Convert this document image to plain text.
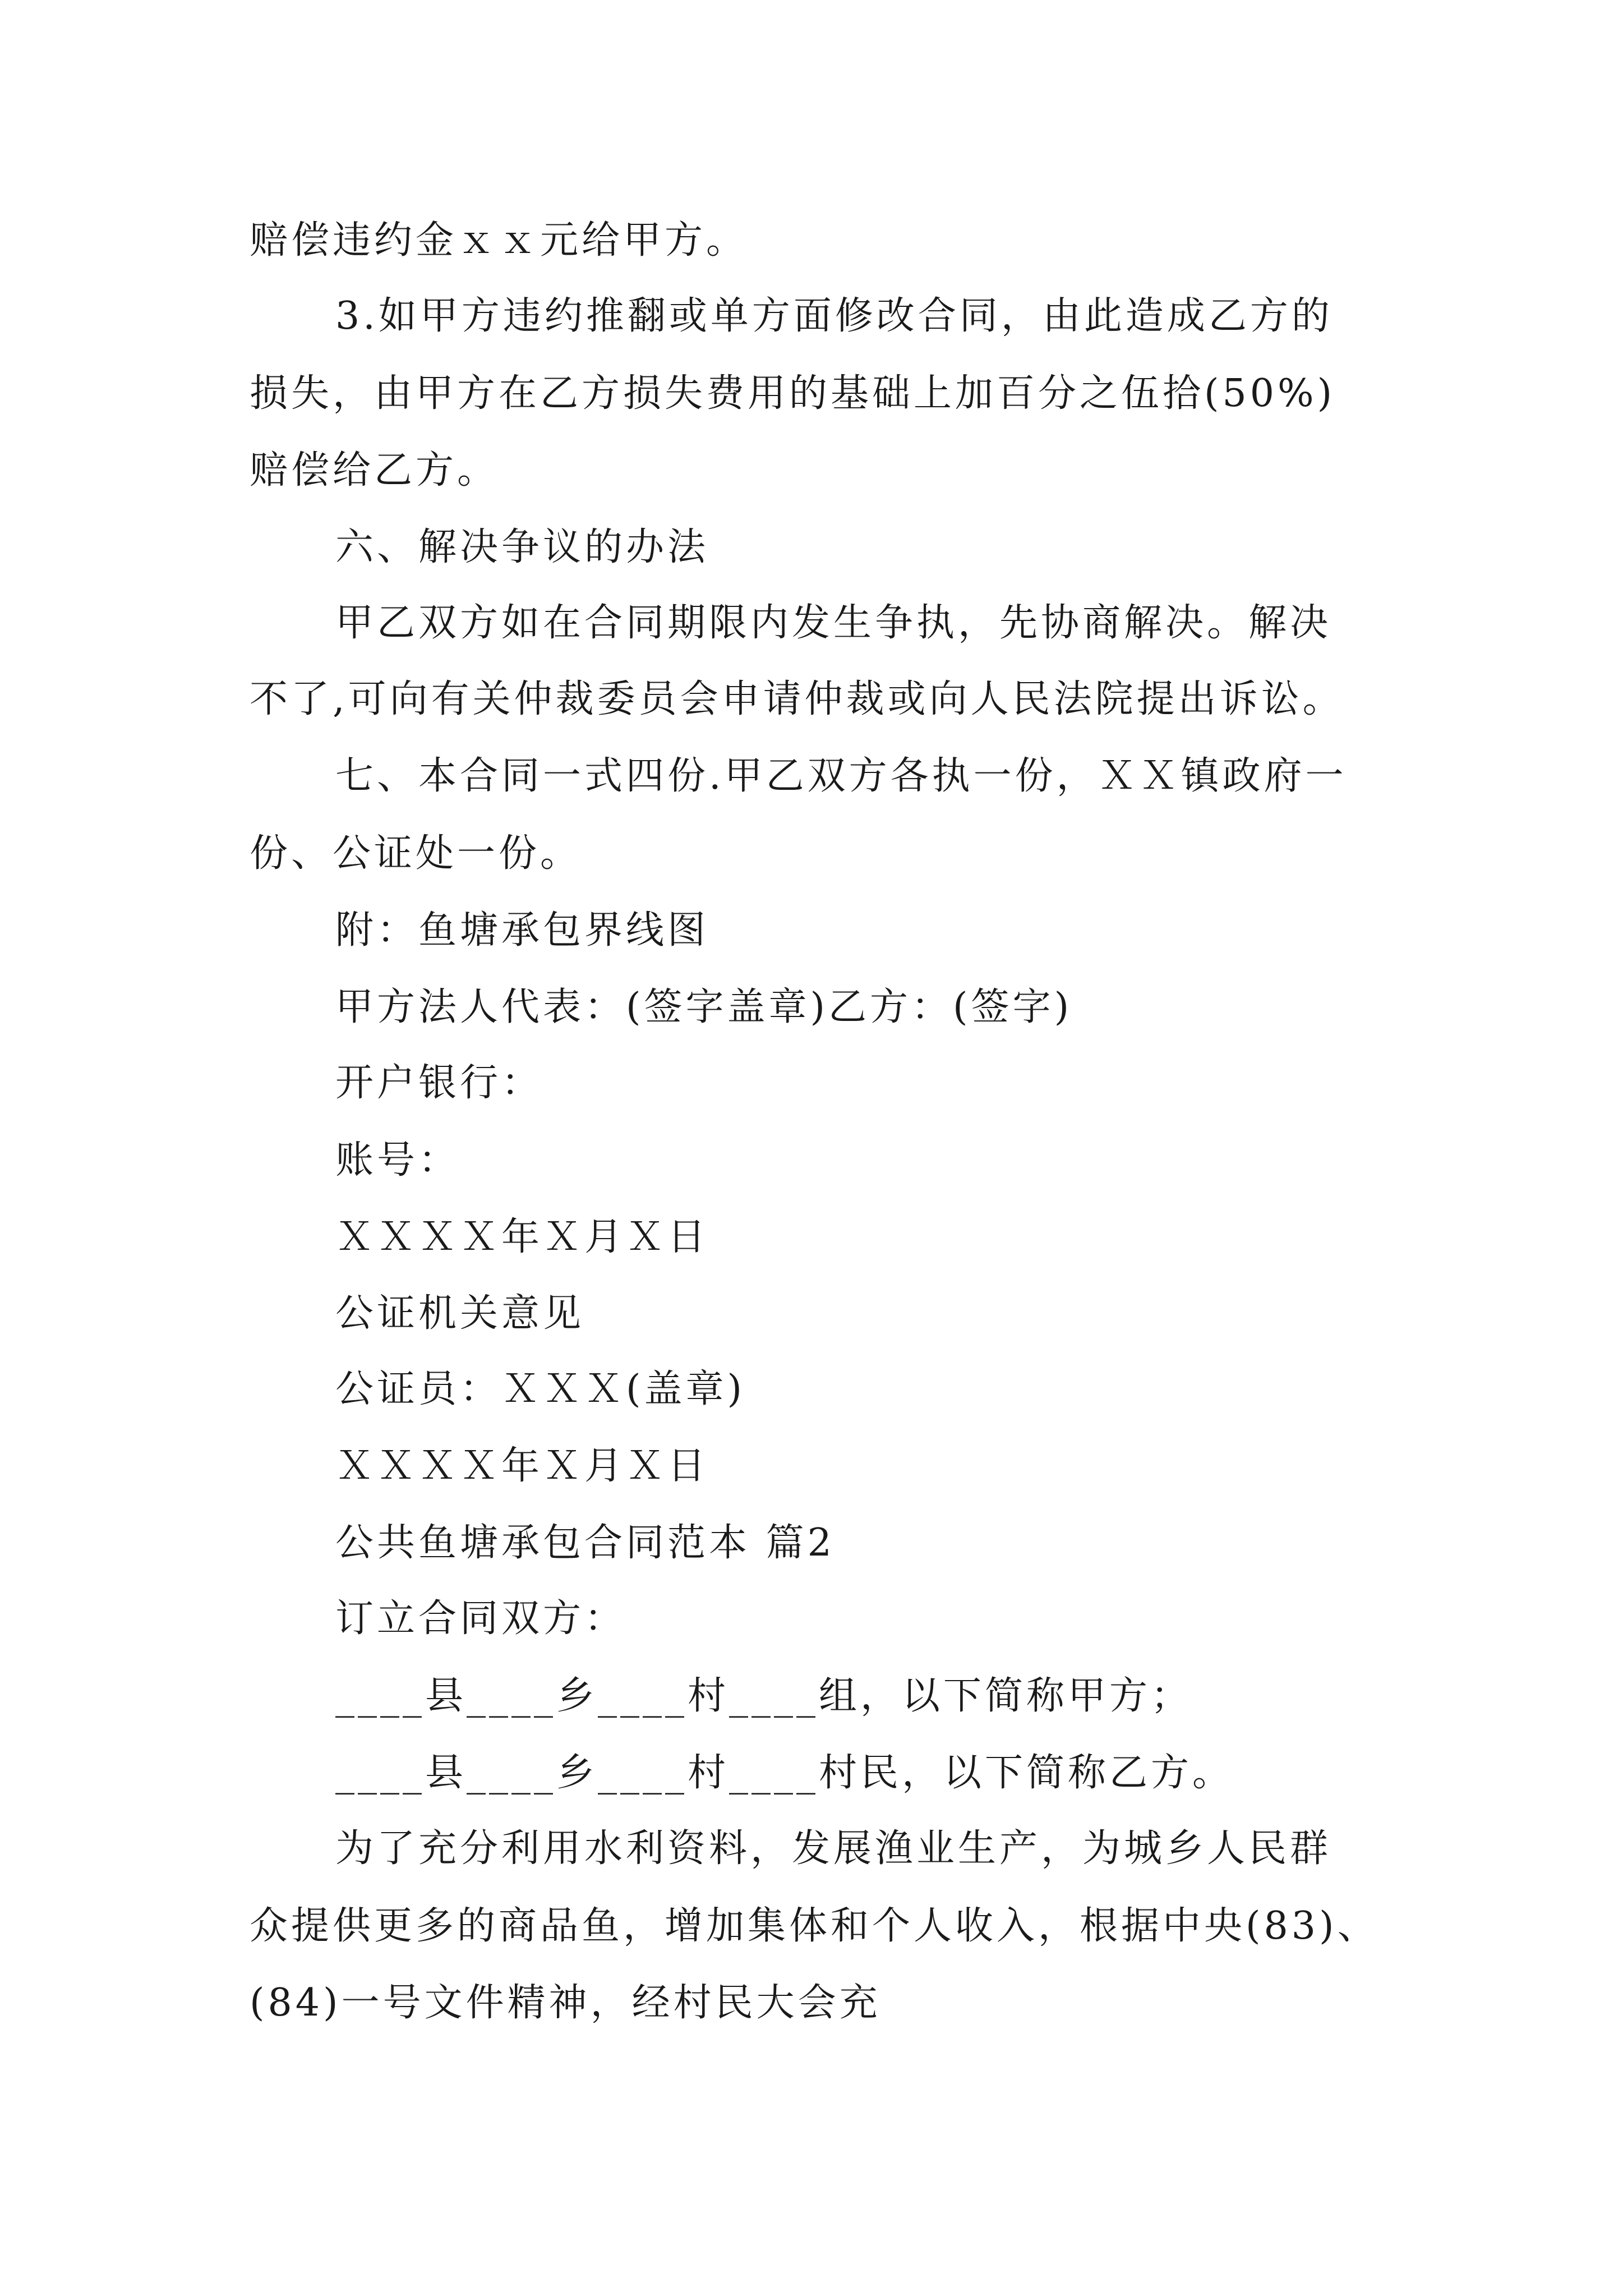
赔偿违约金ｘｘ元给甲方。
3.如甲方违约推翻或单方面修改合同，由此造成乙方的
损失，由甲方在乙方损失费用的基础上加百分之伍拾(50%)
赔偿给乙方。
六、解决争议的办法
甲乙双方如在合同期限内发生争执，先协商解决。解决
不了,可向有关仲裁委员会申请仲裁或向人民法院提出诉讼。
七、本合同一式四份.甲乙双方各执一份，ＸＸ镇政府一
份、公证处一份。
附：鱼塘承包界线图
甲方法人代表：(签字盖章)乙方：(签字)
开户银行：
账号：
ＸＸＸＸ年Ｘ月Ｘ日
公证机关意见
公证员：ＸＸＸ(盖章)
ＸＸＸＸ年Ｘ月Ｘ日
公共鱼塘承包合同范本 篇2
订立合同双方：
____县____乡____村____组，以下简称甲方；
____县____乡____村____村民，以下简称乙方。
为了充分利用水利资料，发展渔业生产，为城乡人民群
众提供更多的商品鱼，增加集体和个人收入，根据中央(83)、
(84)一号文件精神，经村民大会充
